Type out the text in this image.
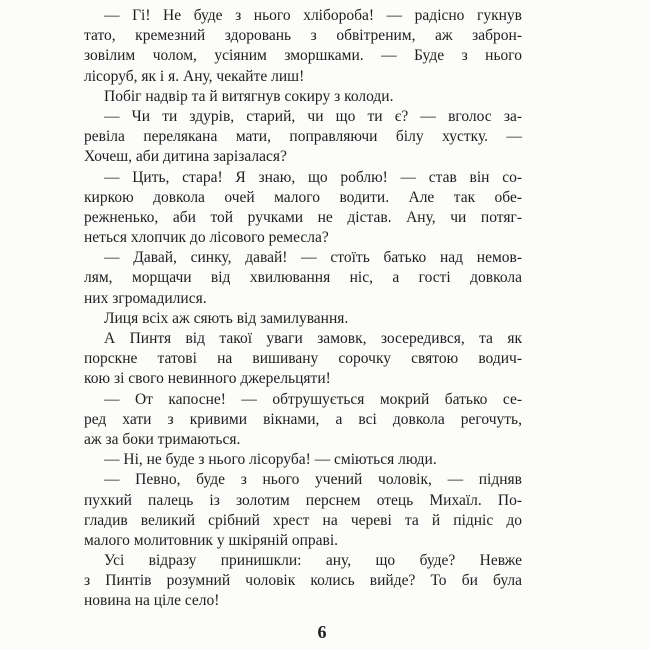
— Гі! Не буде з нього хлібороба! — радісно гукнув
тато, кремезний здоровань з обвітреним, аж заброн-
зовілим чолом, усіяним зморшками. — Буде з нього
лісоруб, як і я. Ану, чекайте лиш!
Побіг надвір та й витягнув сокиру з колоди.
— Чи ти здурів, старий, чи що ти є? — вголос за-
ревіла перелякана мати, поправляючи білу хустку. —
Хочеш, аби дитина зарізалася?
— Цить, стара! Я знаю, що роблю! — став він со-
киркою довкола очей малого водити. Але так обе-
режненько, аби той ручками не дістав. Ану, чи потяг-
неться хлопчик до лісового ремесла?
— Давай, синку, давай! — стоїть батько над немов-
лям, морщачи від хвилювання ніс, а гості довкола
них згромадилися.
Лиця всіх аж сяють від замилування.
А Пинтя від такої уваги замовк, зосередився, та як
порскне татові на вишивану сорочку святою водич-
кою зі свого невинного джерельцяти!
— От капосне! — обтрушується мокрий батько се-
ред хати з кривими вікнами, а всі довкола регочуть,
аж за боки тримаються.
— Ні, не буде з нього лісоруба! — сміються люди.
— Певно, буде з нього учений чоловік, — підняв
пухкий палець із золотим перснем отець Михаїл. По-
гладив великий срібний хрест на череві та й підніс до
малого молитовник у шкіряній оправі.
Усі відразу принишкли: ану, що буде? Невже
з Пинтів розумний чоловік колись вийде? То би була
новина на ціле село!
6
